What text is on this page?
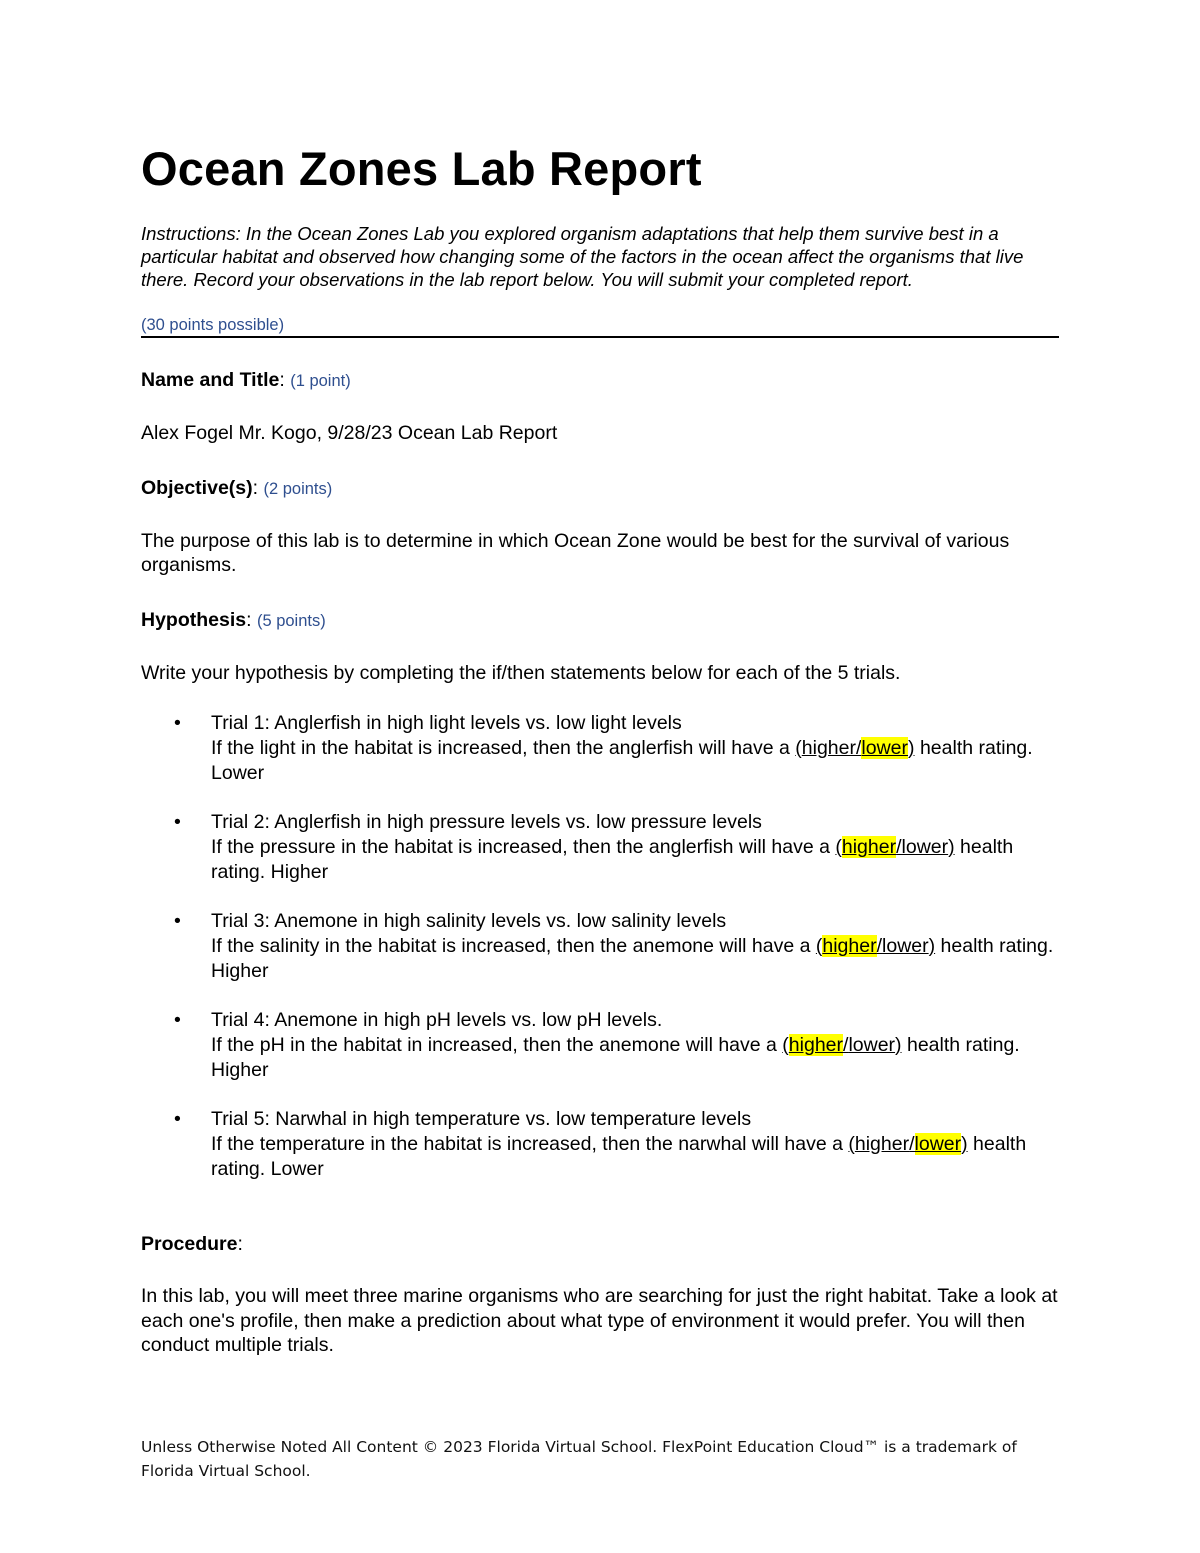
Ocean Zones Lab Report

Instructions: In the Ocean Zones Lab you explored organism adaptations that help them survive best in a particular habitat and observed how changing some of the factors in the ocean affect the organisms that live there. Record your observations in the lab report below. You will submit your completed report.

(30 points possible)
Name and Title: (1 point)
Alex Fogel Mr. Kogo, 9/28/23 Ocean Lab Report
Objective(s): (2 points)
The purpose of this lab is to determine in which Ocean Zone would be best for the survival of various organisms.
Hypothesis: (5 points)
Write your hypothesis by completing the if/then statements below for each of the 5 trials.
• Trial 1: Anglerfish in high light levels vs. low light levels
If the light in the habitat is increased, then the anglerfish will have a (higher/lower) health rating. Lower
• Trial 2: Anglerfish in high pressure levels vs. low pressure levels
If the pressure in the habitat is increased, then the anglerfish will have a (higher/lower) health rating. Higher
• Trial 3: Anemone in high salinity levels vs. low salinity levels
If the salinity in the habitat is increased, then the anemone will have a (higher/lower) health rating. Higher
• Trial 4: Anemone in high pH levels vs. low pH levels.
If the pH in the habitat in increased, then the anemone will have a (higher/lower) health rating. Higher
• Trial 5: Narwhal in high temperature vs. low temperature levels
If the temperature in the habitat is increased, then the narwhal will have a (higher/lower) health rating. Lower
Procedure:
In this lab, you will meet three marine organisms who are searching for just the right habitat. Take a look at each one's profile, then make a prediction about what type of environment it would prefer. You will then conduct multiple trials.
Unless Otherwise Noted All Content © 2023 Florida Virtual School. FlexPoint Education Cloud™ is a trademark of Florida Virtual School.
